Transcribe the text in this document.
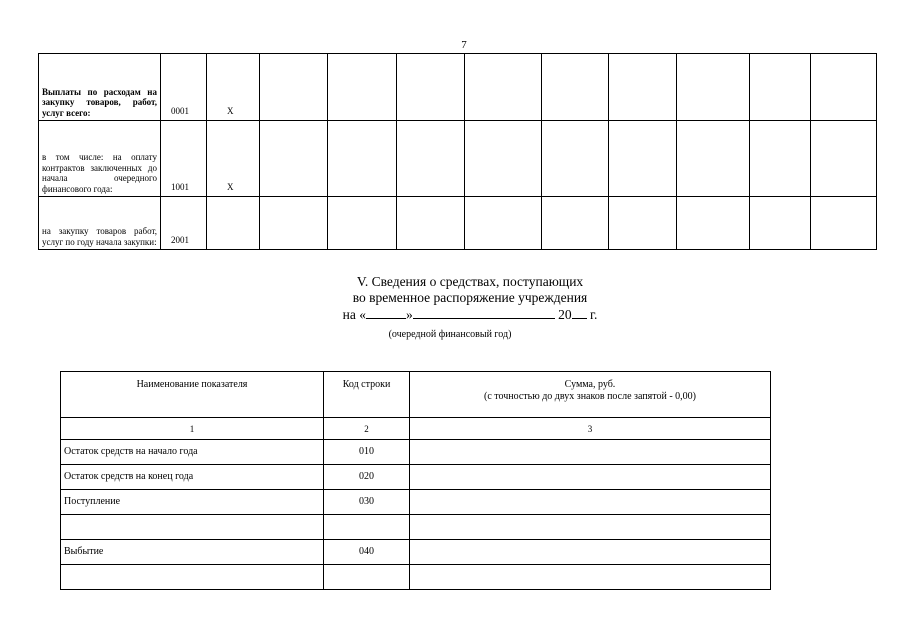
7
Выплаты по расходам на закупку товаров, работ, услуг всего:	0001	X									
в том числе: на оплату контрактов заключенных до начала очередного финансового года:	1001	X									
на закупку товаров работ, услуг по году начала закупки:	2001										
V. Сведения о средствах, поступающих
во временное распоряжение учреждения
на «	»	20 г.
(очередной финансовый год)
Наименование показателя	Код строки	Сумма, руб.
(с точностью до двух знаков после запятой - 0,00)

1	2	3
Остаток средств на начало года	010	
Остаток средств на конец года	020	
Поступление	030	

Выбытие	040	
